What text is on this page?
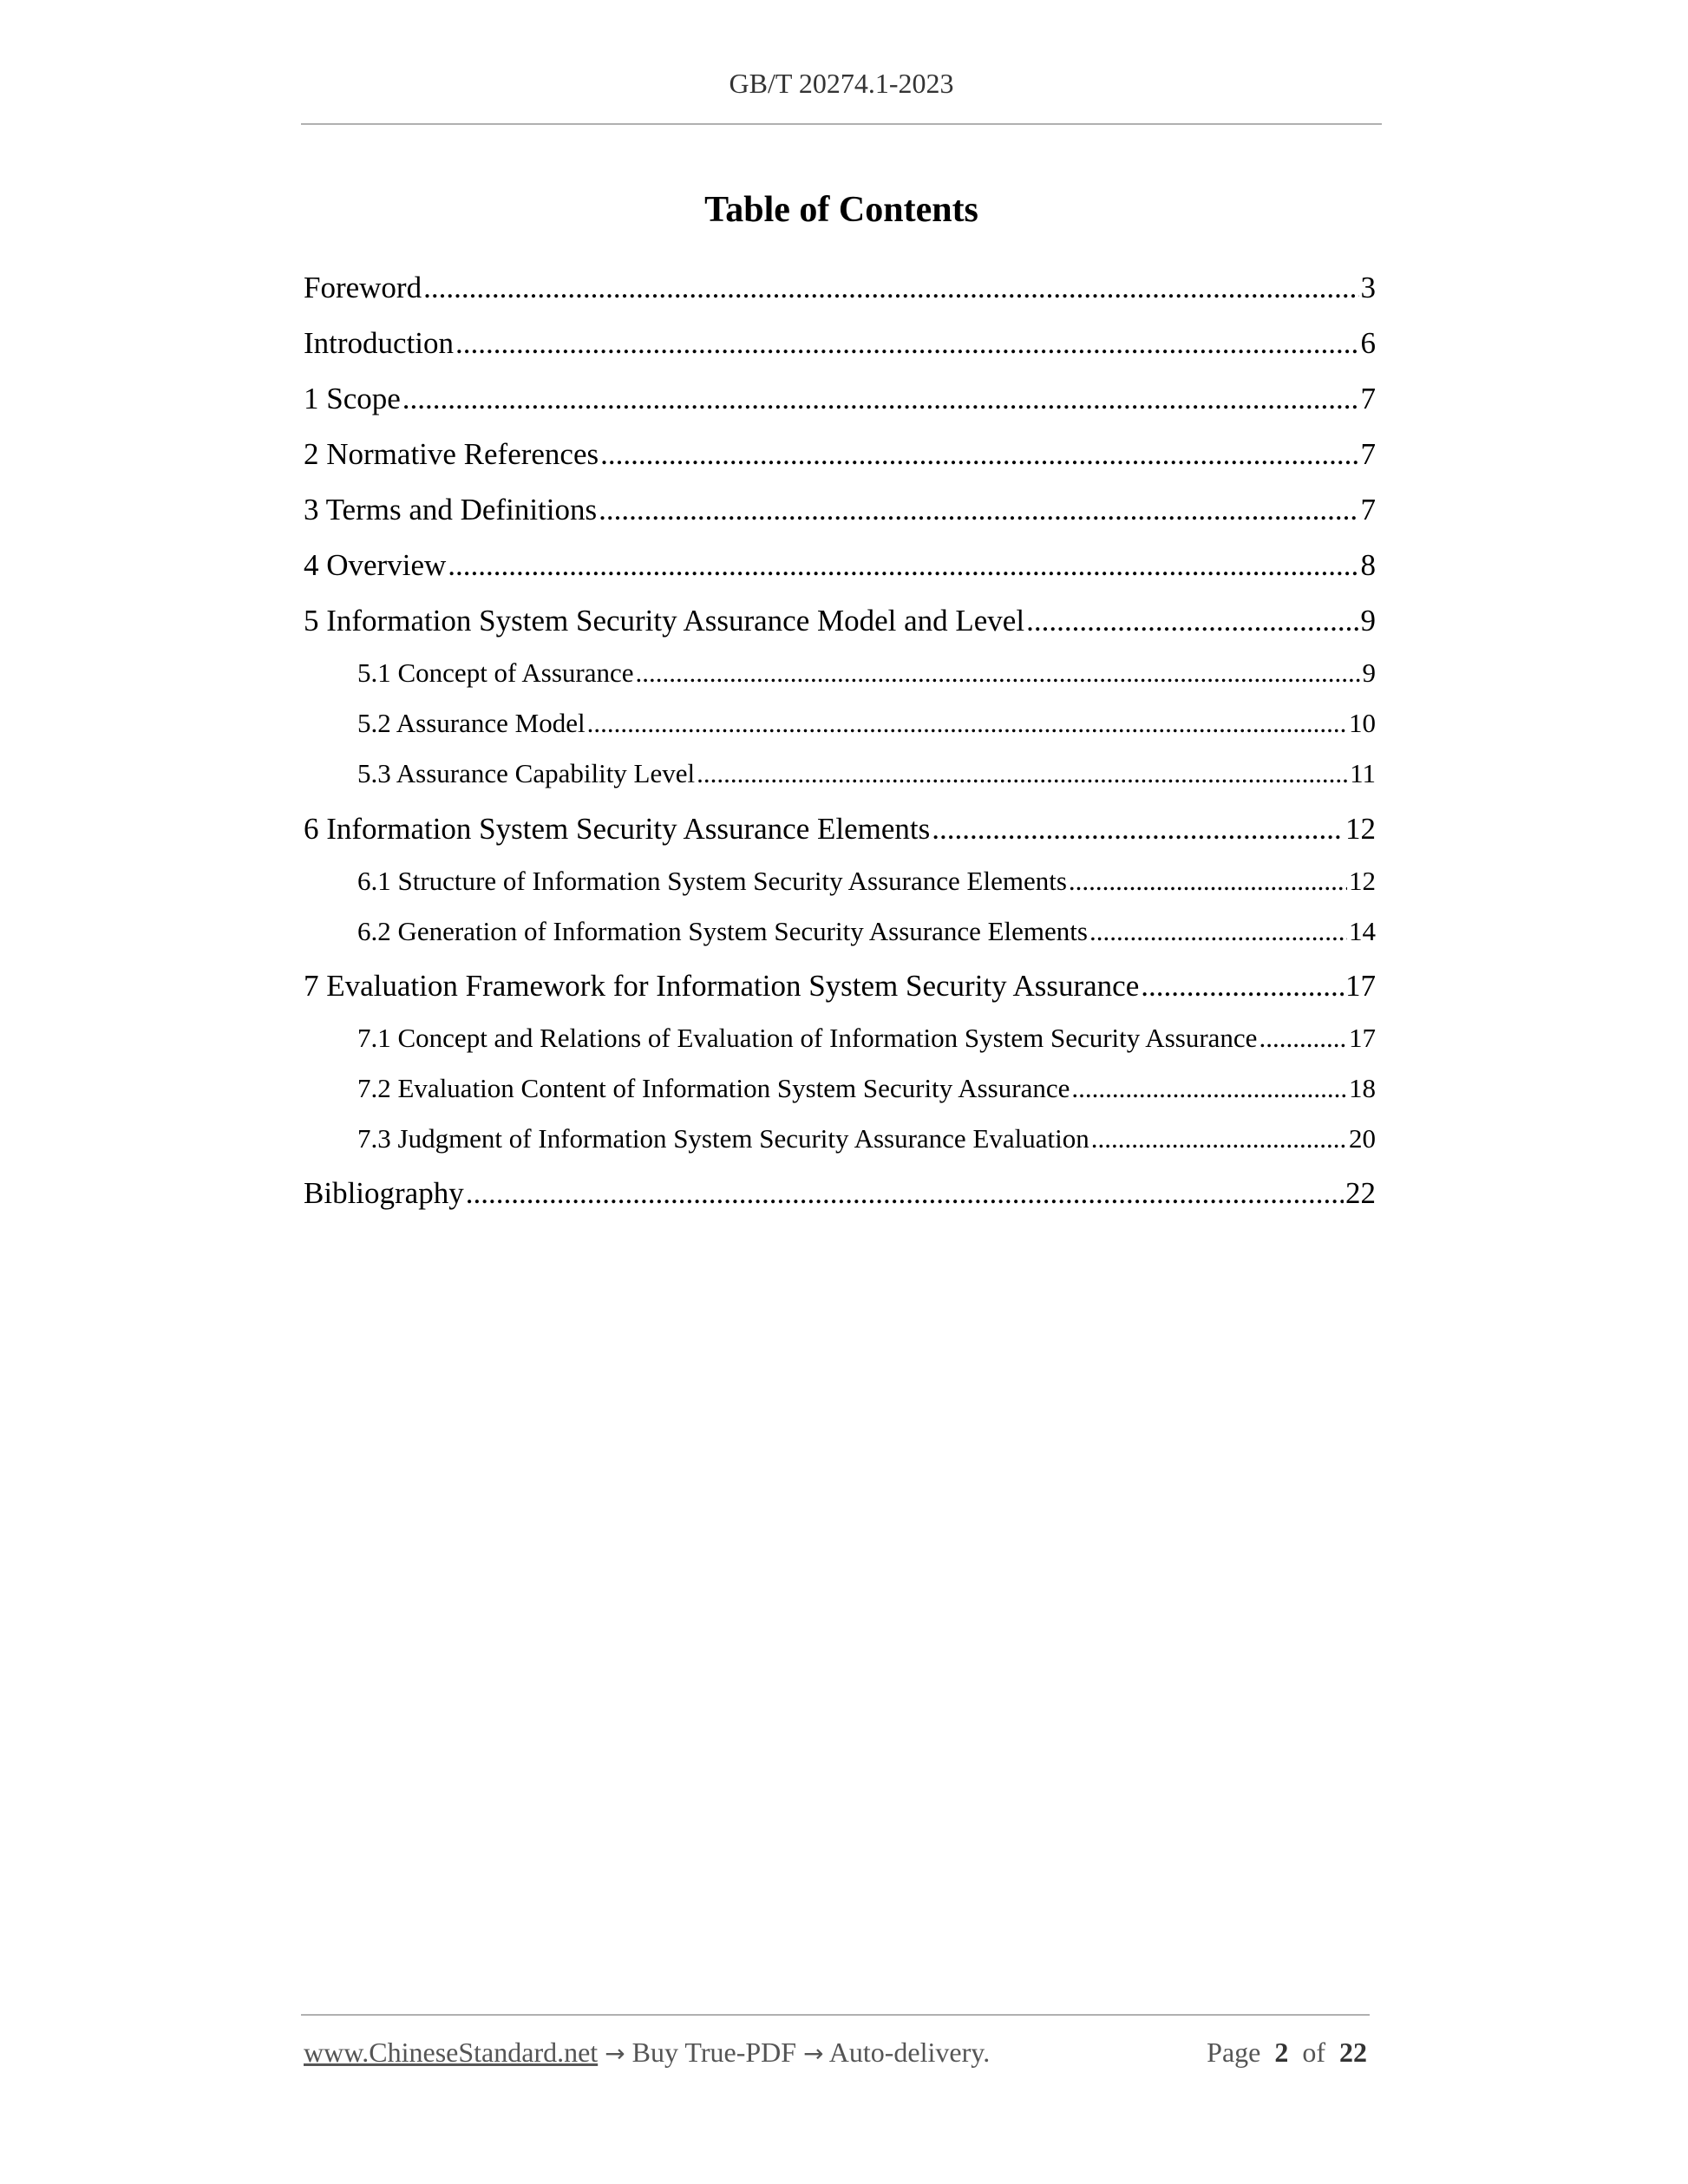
GB/T 20274.1-2023
Table of Contents
Foreword .....	3
Introduction .....	6
1 Scope .....	7
2 Normative References .....	7
3 Terms and Definitions .....	7
4 Overview .....	8
5 Information System Security Assurance Model and Level .....	9
5.1 Concept of Assurance .....	9
5.2 Assurance Model .....	10
5.3 Assurance Capability Level .....	11
6 Information System Security Assurance Elements .....	12
6.1 Structure of Information System Security Assurance Elements .....	12
6.2 Generation of Information System Security Assurance Elements .....	14
7 Evaluation Framework for Information System Security Assurance .....	17
7.1 Concept and Relations of Evaluation of Information System Security Assurance .....	17
7.2 Evaluation Content of Information System Security Assurance .....	18
7.3 Judgment of Information System Security Assurance Evaluation .....	20
Bibliography .....	22
www.ChineseStandard.net → Buy True-PDF → Auto-delivery.	Page 2 of 22
